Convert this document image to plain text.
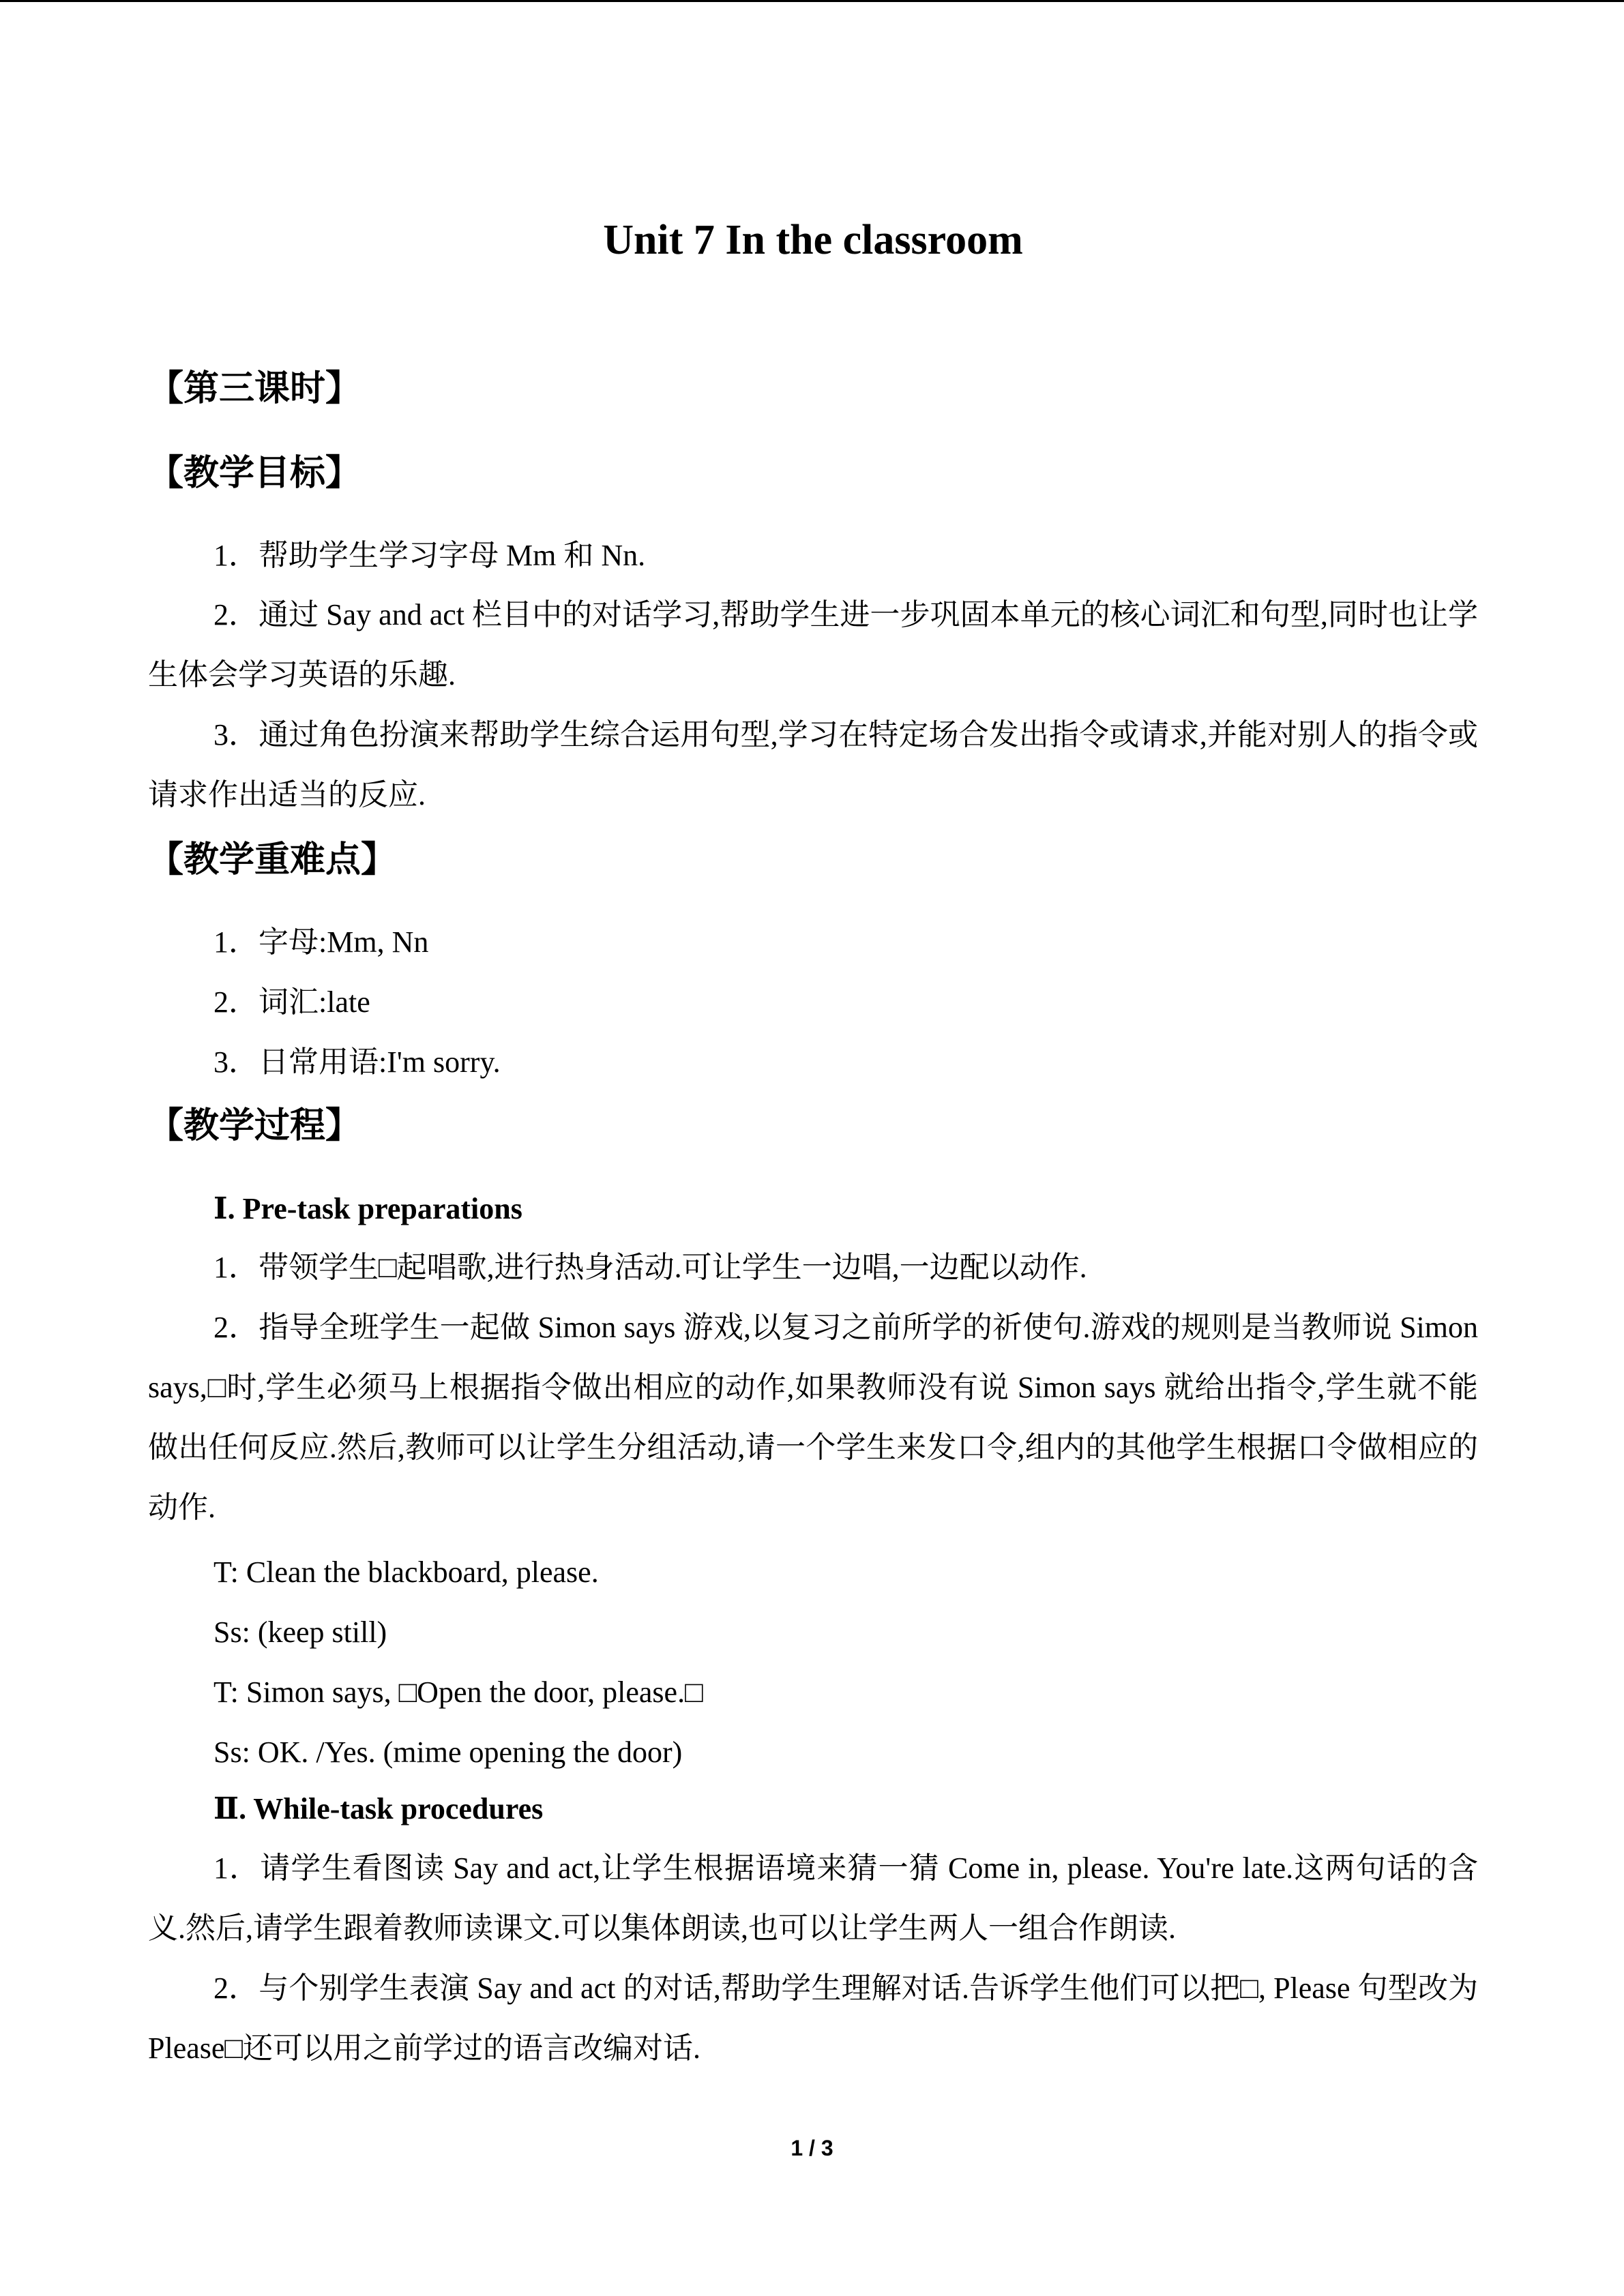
Unit 7 In the classroom
【第三课时】
【教学目标】
1．帮助学生学习字母 Mm 和 Nn.
2．通过 Say and act 栏目中的对话学习,帮助学生进一步巩固本单元的核心词汇和句型,同时也让学生体会学习英语的乐趣.
3．通过角色扮演来帮助学生综合运用句型,学习在特定场合发出指令或请求,并能对别人的指令或请求作出适当的反应.
【教学重难点】
1．字母:Mm, Nn
2．词汇:late
3．日常用语:I'm sorry.
【教学过程】
Ⅰ. Pre-task preparations
1．带领学生□起唱歌,进行热身活动.可让学生一边唱,一边配以动作.
2．指导全班学生一起做 Simon says 游戏,以复习之前所学的祈使句.游戏的规则是当教师说 Simon says,□时,学生必须马上根据指令做出相应的动作,如果教师没有说 Simon says 就给出指令,学生就不能做出任何反应.然后,教师可以让学生分组活动,请一个学生来发口令,组内的其他学生根据口令做相应的动作.
T: Clean the blackboard, please.
Ss: (keep still)
T: Simon says, □Open the door, please.□
Ss: OK. /Yes. (mime opening the door)
Ⅱ. While-task procedures
1．请学生看图读 Say and act,让学生根据语境来猜一猜 Come in, please. You're late.这两句话的含义.然后,请学生跟着教师读课文.可以集体朗读,也可以让学生两人一组合作朗读.
2．与个别学生表演 Say and act 的对话,帮助学生理解对话.告诉学生他们可以把□, Please 句型改为 Please□还可以用之前学过的语言改编对话.
1 / 3
